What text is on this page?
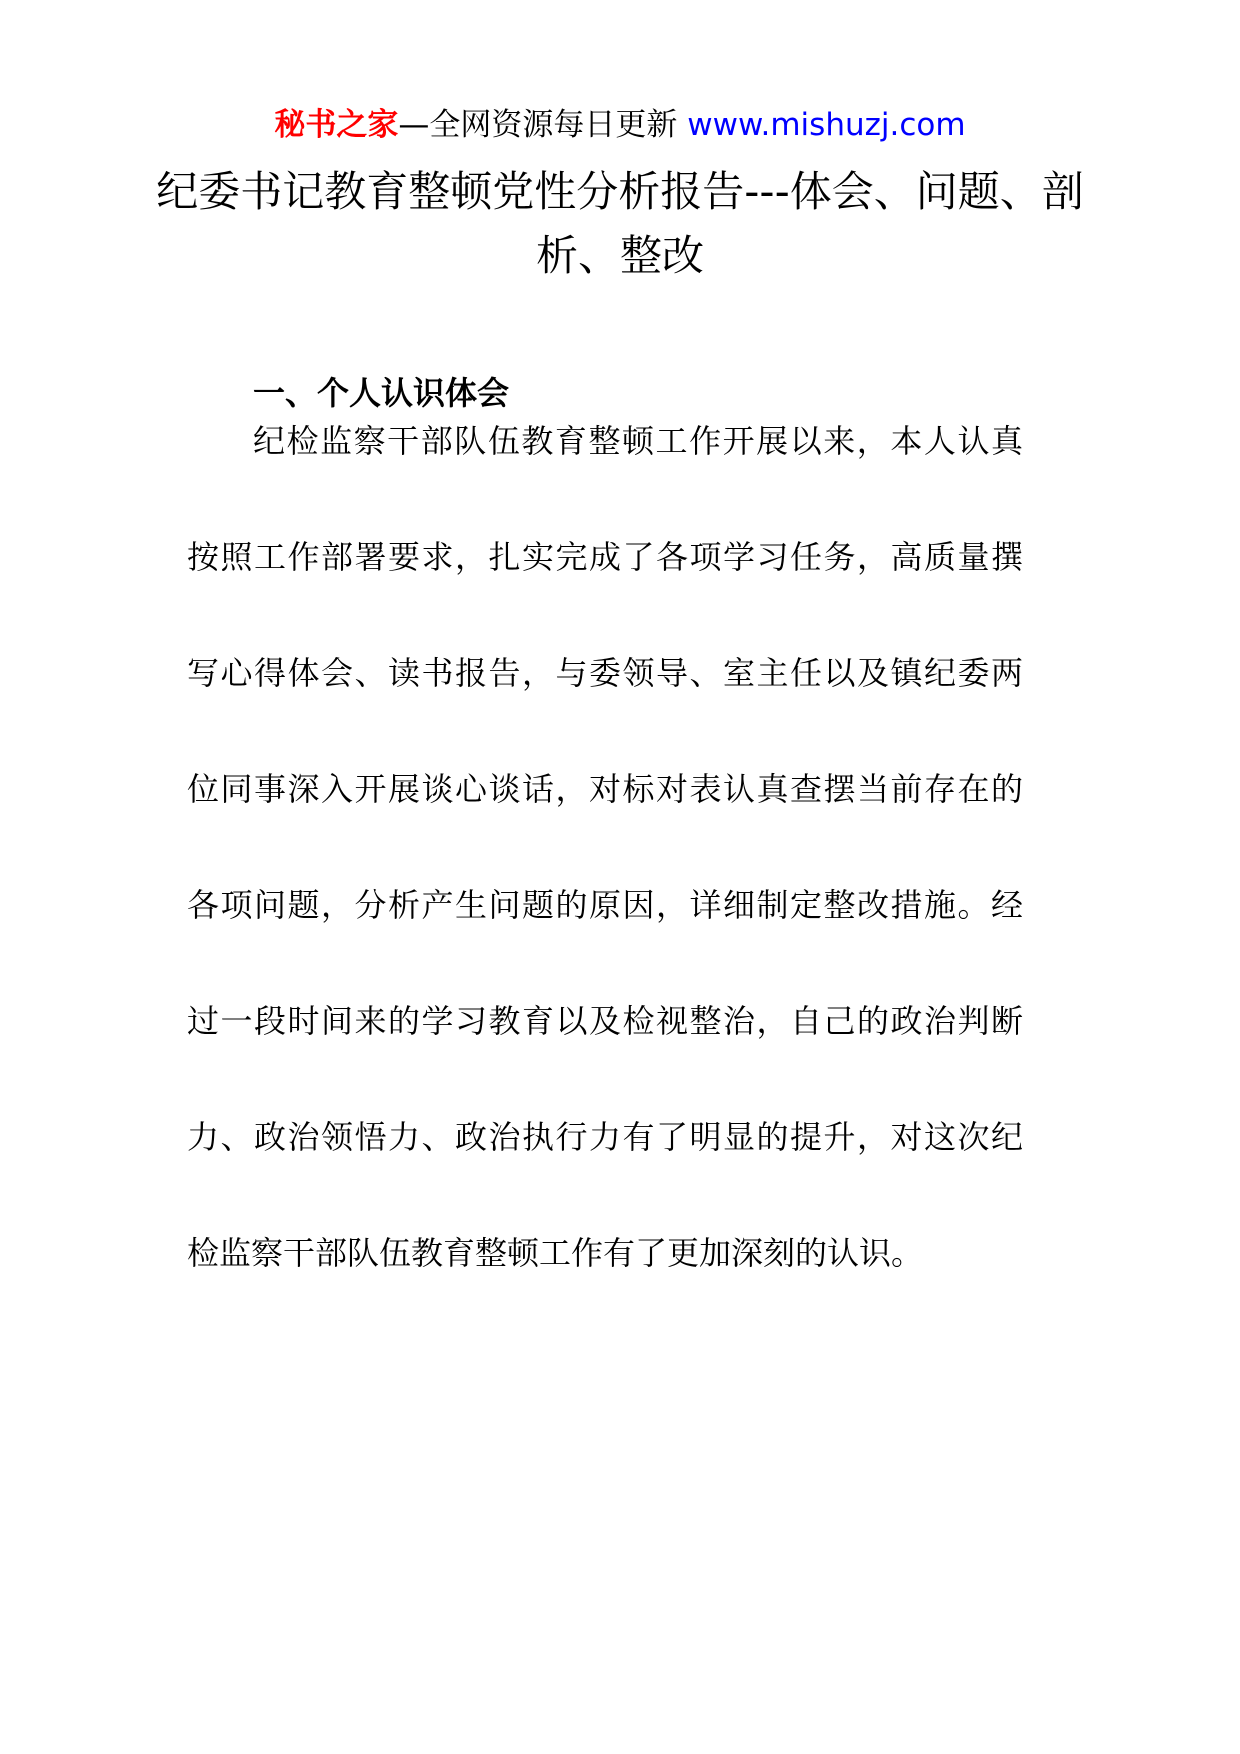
秘书之家—全网资源每日更新 www.mishuzj.com
纪委书记教育整顿党性分析报告---体会、问题、剖析、整改
一、个人认识体会
纪检监察干部队伍教育整顿工作开展以来，本人认真
按照工作部署要求，扎实完成了各项学习任务，高质量撰
写心得体会、读书报告，与委领导、室主任以及镇纪委两
位同事深入开展谈心谈话，对标对表认真查摆当前存在的
各项问题，分析产生问题的原因，详细制定整改措施。经
过一段时间来的学习教育以及检视整治，自己的政治判断
力、政治领悟力、政治执行力有了明显的提升，对这次纪
检监察干部队伍教育整顿工作有了更加深刻的认识。
